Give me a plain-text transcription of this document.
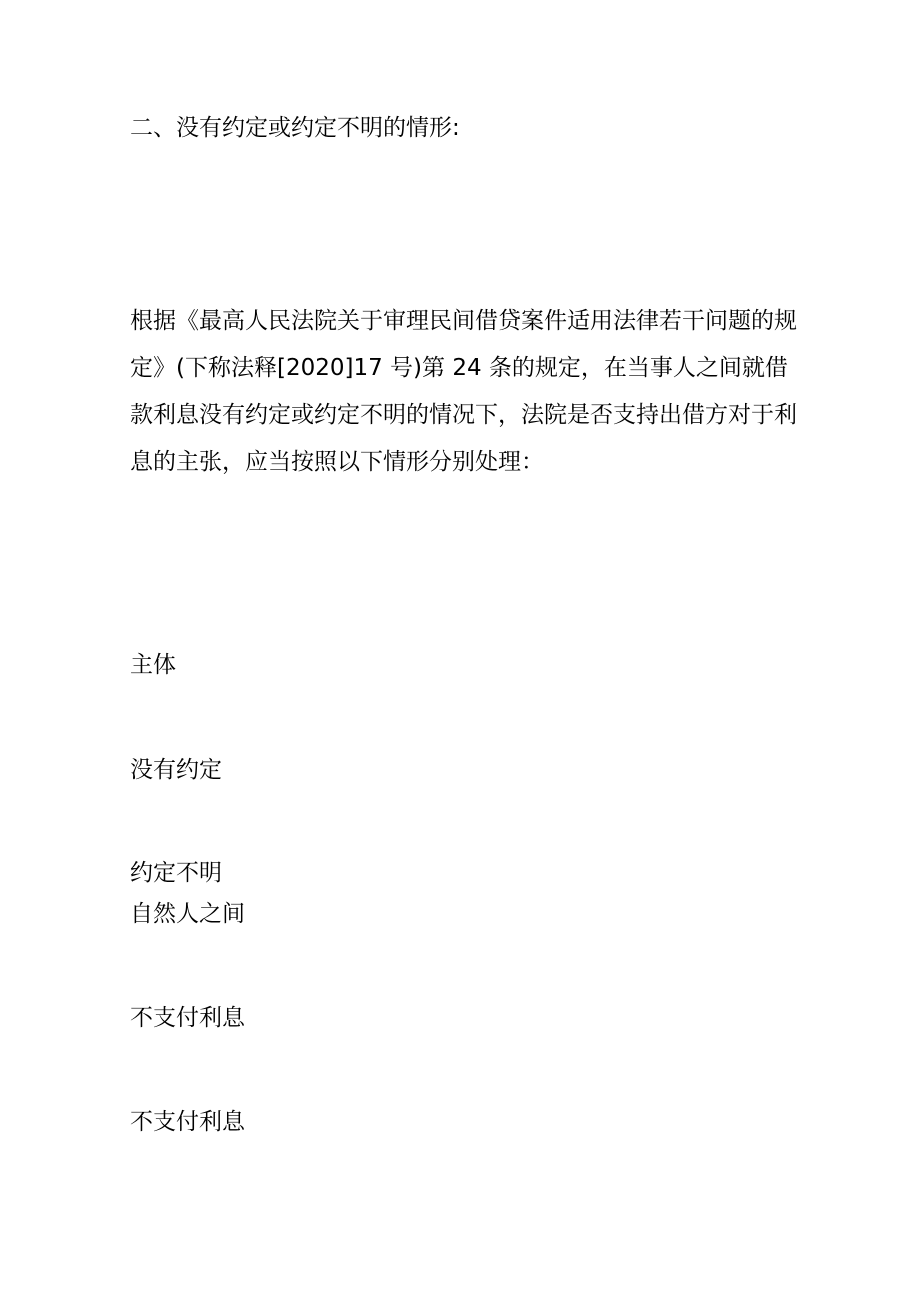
二、没有约定或约定不明的情形:
根据《最高人民法院关于审理民间借贷案件适用法律若干问题的规
定》(下称法释[2020]17 号)第 24 条的规定，在当事人之间就借
款利息没有约定或约定不明的情况下，法院是否支持出借方对于利
息的主张，应当按照以下情形分别处理：
主体
没有约定
约定不明
自然人之间
不支付利息
不支付利息
